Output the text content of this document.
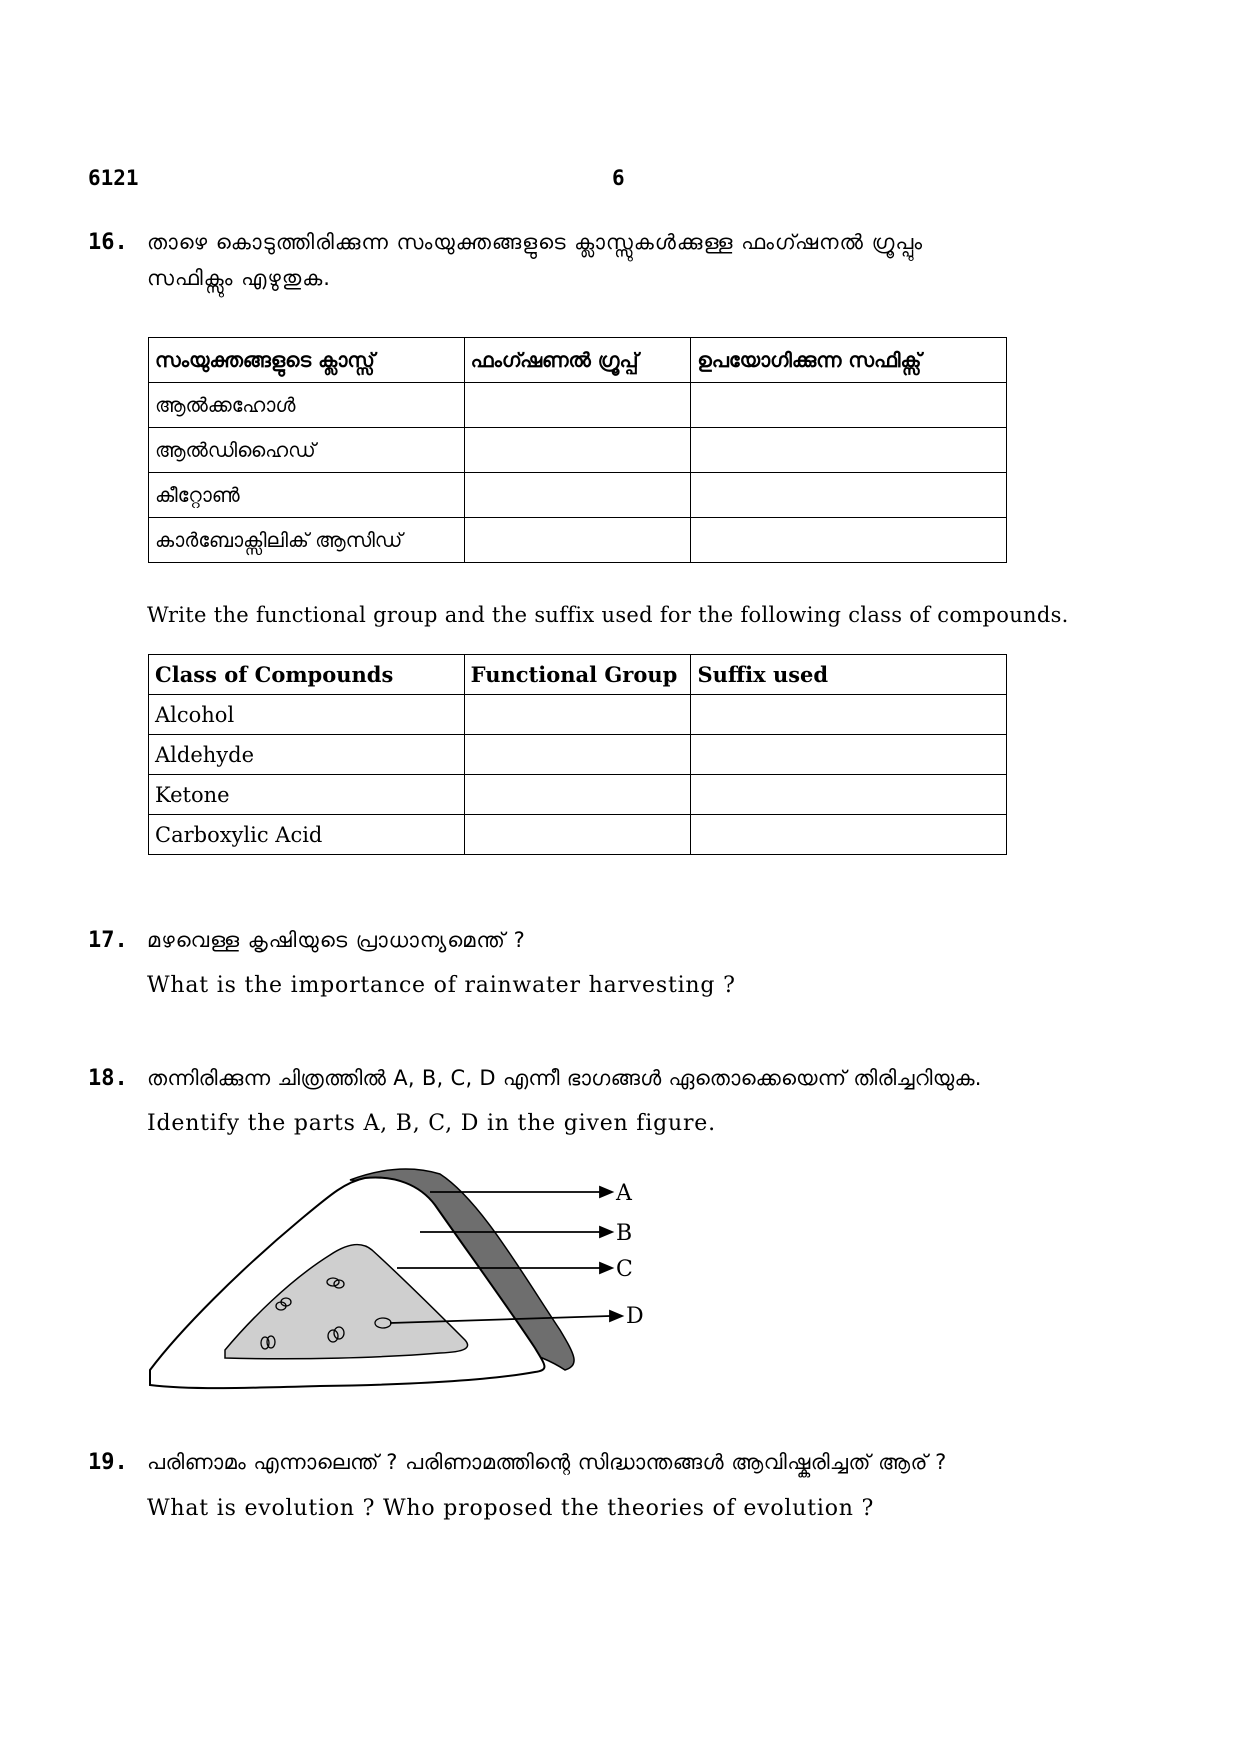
6121	6
16. താഴെ കൊടുത്തിരിക്കുന്ന സംയുക്തങ്ങളുടെ ക്ലാസ്സുകൾക്കുള്ള ഫംഗ്ഷനൽ ഗ്രൂപ്പും
സഫിക്സും എഴുതുക.
സംയുക്തങ്ങളുടെ ക്ലാസ്സ്	ഫംഗ്ഷണൽ ഗ്രൂപ്പ്	ഉപയോഗിക്കുന്ന സഫിക്സ്
ആൽക്കഹോൾ		
ആൽഡിഹൈഡ്		
കീറ്റോൺ		
കാർബോക്സിലിക് ആസിഡ്		
Write the functional group and the suffix used for the following class of compounds.
Class of Compounds	Functional Group	Suffix used
Alcohol		
Aldehyde		
Ketone		
Carboxylic Acid		
17. മഴവെള്ള കൃഷിയുടെ പ്രാധാന്യമെന്ത് ?
What is the importance of rainwater harvesting ?
18. തന്നിരിക്കുന്ന ചിത്രത്തിൽ A, B, C, D എന്നീ ഭാഗങ്ങൾ ഏതൊക്കെയെന്ന് തിരിച്ചറിയുക.
Identify the parts A, B, C, D in the given figure.
A
B
C
D
19. പരിണാമം എന്നാലെന്ത് ? പരിണാമത്തിന്റെ സിദ്ധാന്തങ്ങൾ ആവിഷ്കരിച്ചത് ആര് ?
What is evolution ? Who proposed the theories of evolution ?
